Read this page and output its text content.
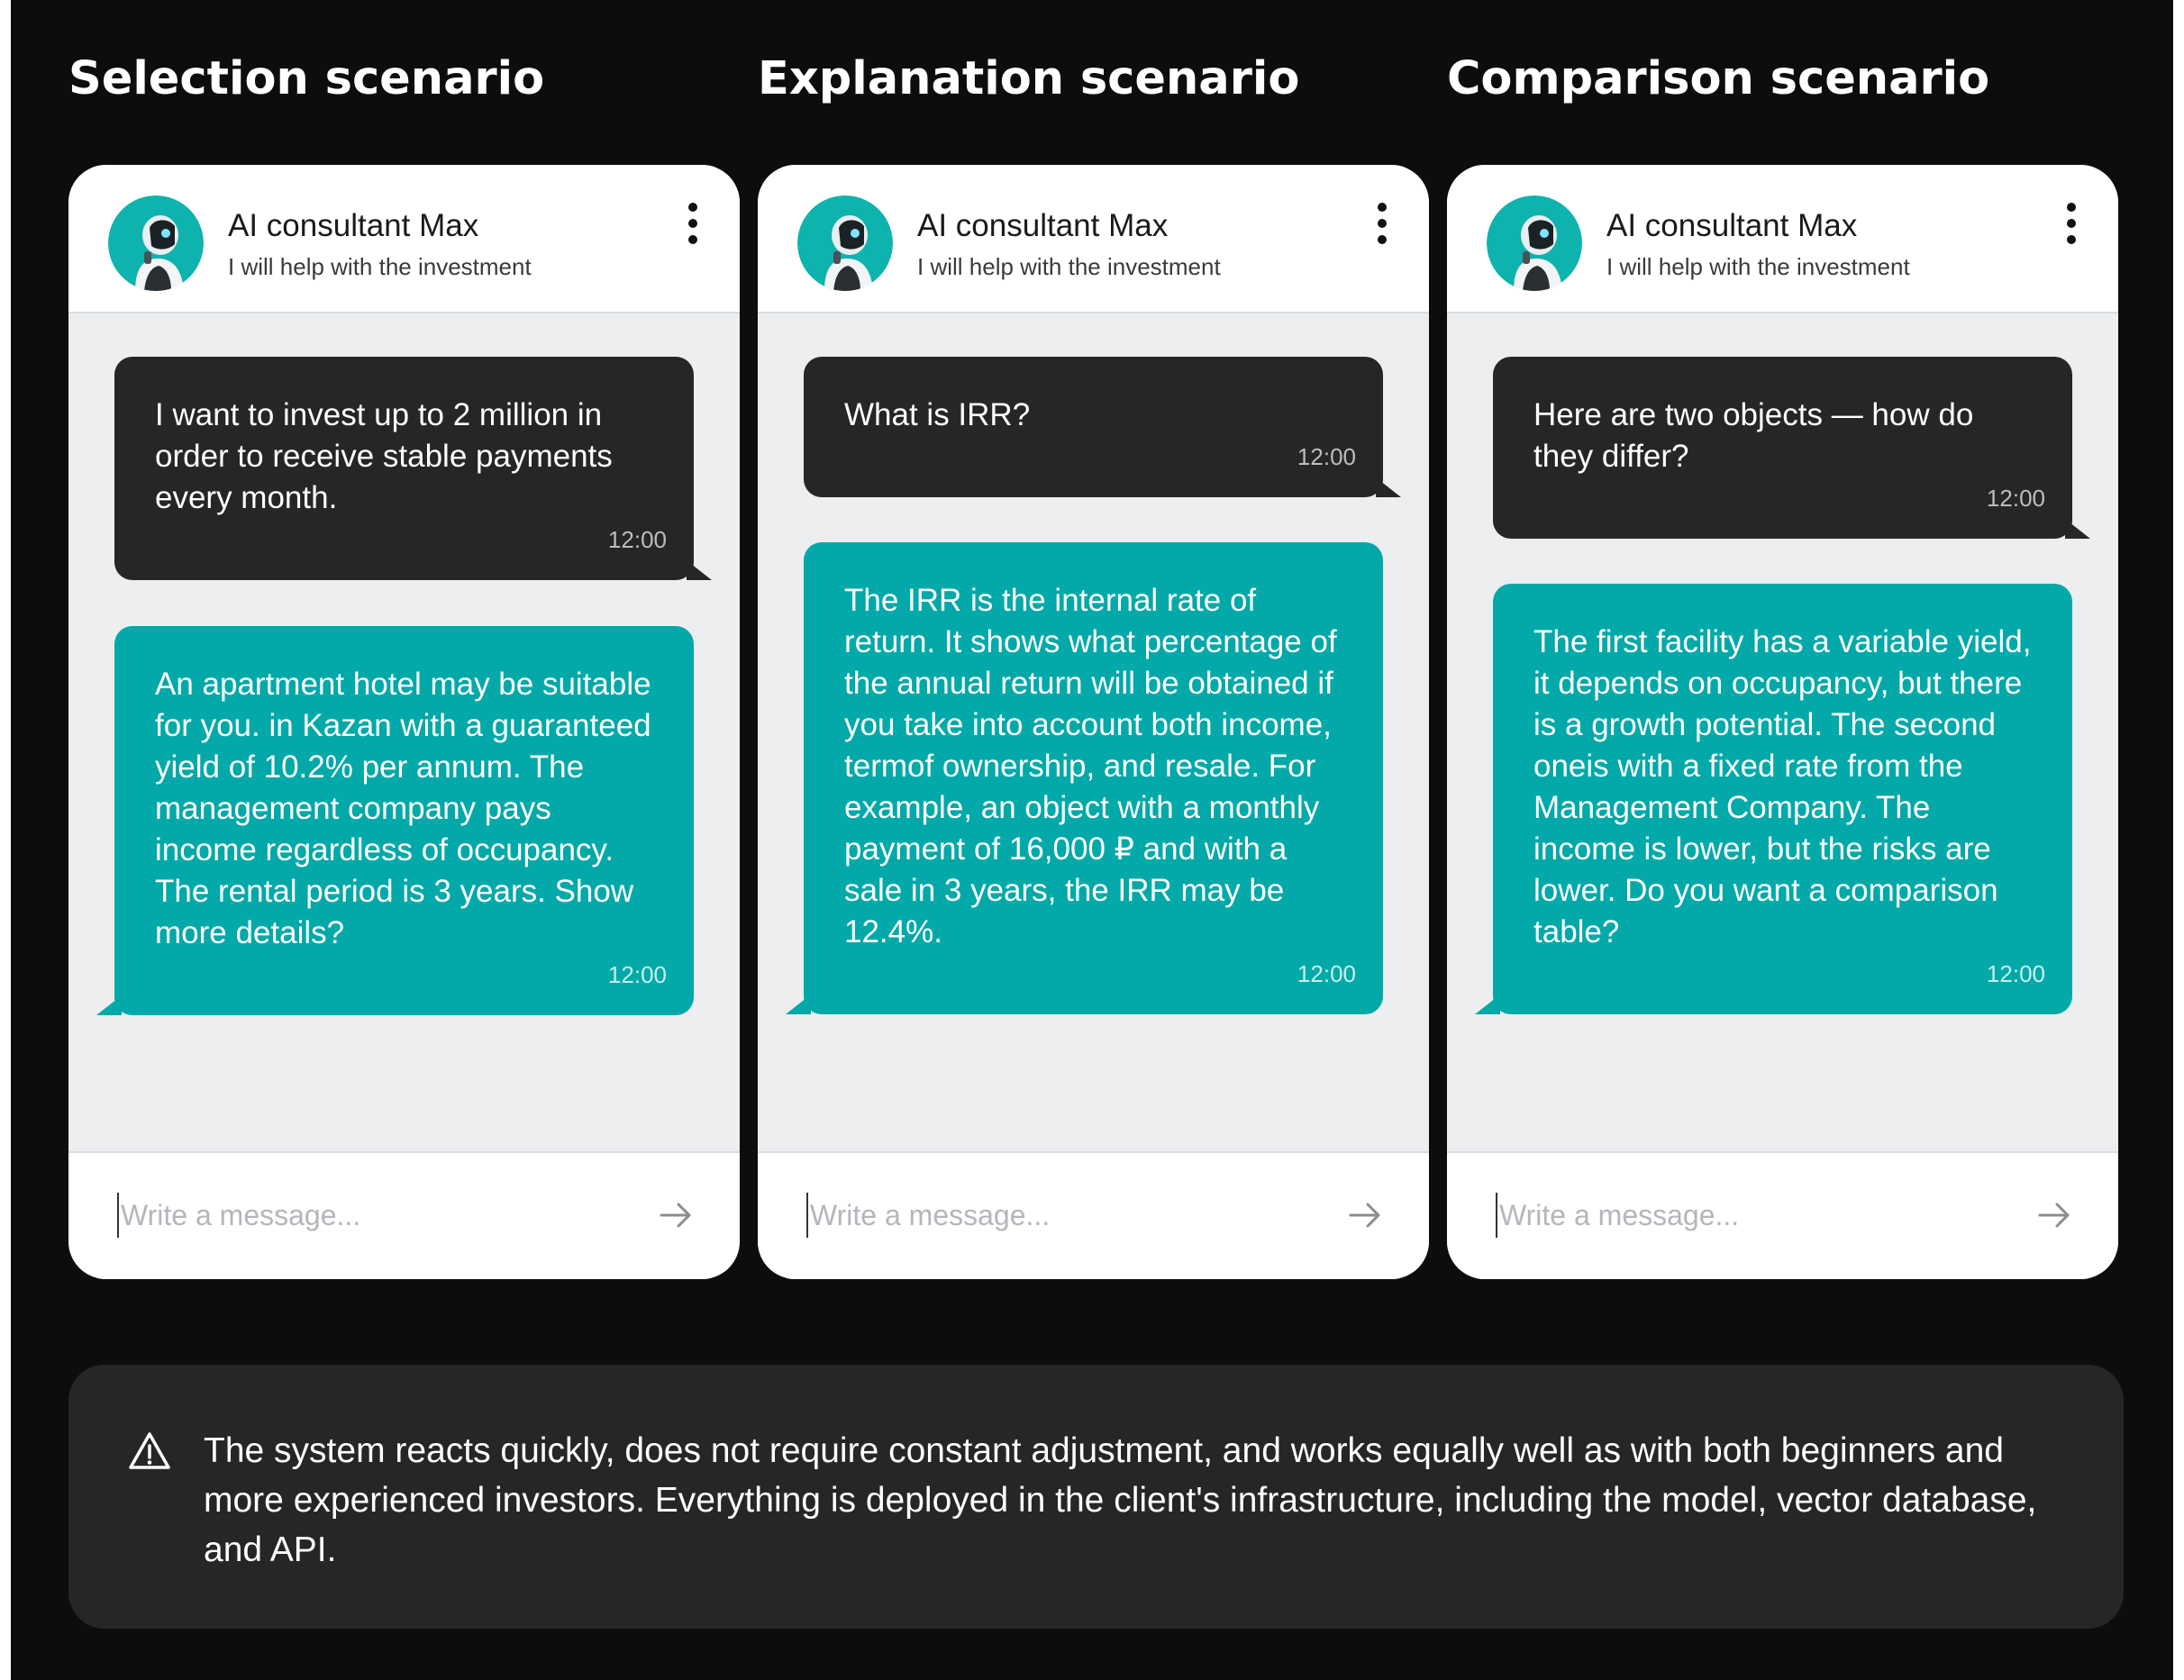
Selection scenario	Explanation scenario	Comparison scenario
AI consultant Max
I will help with the investment
I want to invest up to 2 million in order to receive stable payments every month.
12:00
An apartment hotel may be suitable for you. in Kazan with a guaranteed yield of 10.2% per annum. The management company pays income regardless of occupancy. The rental period is 3 years. Show more details?
12:00
Write a message...
AI consultant Max
I will help with the investment
What is IRR?
12:00
The IRR is the internal rate of return. It shows what percentage of the annual return will be obtained if you take into account both income, termof ownership, and resale. For example, an object with a monthly payment of 16,000 ₽ and with a sale in 3 years, the IRR may be 12.4%.
12:00
Write a message...
AI consultant Max
I will help with the investment
Here are two objects — how do they differ?
12:00
The first facility has a variable yield, it depends on occupancy, but there is a growth potential. The second oneis with a fixed rate from the Management Company. The income is lower, but the risks are lower. Do you want a comparison table?
12:00
Write a message...
The system reacts quickly, does not require constant adjustment, and works equally well as with both beginners and more experienced investors. Everything is deployed in the client's infrastructure, including the model, vector database, and API.
